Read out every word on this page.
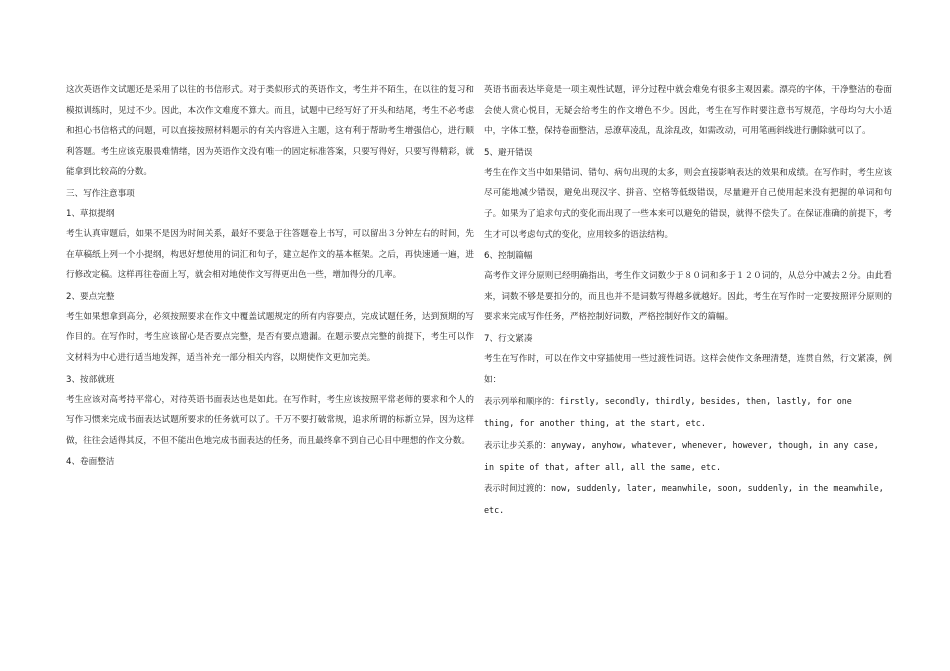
这次英语作文试题还是采用了以往的书信形式。对于类似形式的英语作文，考生并不陌生，在以往的复习和模拟训练时，见过不少。因此，本次作文难度不算大。而且，试题中已经写好了开头和结尾，考生不必考虑和担心书信格式的问题，可以直接按照材料题示的有关内容进入主题，这有利于帮助考生增强信心，进行顺利答题。考生应该克服畏难情绪，因为英语作文没有唯一的固定标准答案，只要写得好，只要写得精彩，就能拿到比较高的分数。

三、写作注意事项

1、草拟提纲

考生认真审题后，如果不是因为时间关系，最好不要急于往答题卷上书写，可以留出３分钟左右的时间，先在草稿纸上列一个小提纲，构思好想使用的词汇和句子，建立起作文的基本框架。之后，再快速通一遍，进行修改定稿。这样再往卷面上写，就会相对地使作文写得更出色一些，增加得分的几率。

2、要点完整

考生如果想拿到高分，必须按照要求在作文中覆盖试题规定的所有内容要点，完成试题任务，达到预期的写作目的。在写作时，考生应该留心是否要点完整，是否有要点遗漏。在题示要点完整的前提下，考生可以作文材料为中心进行适当地发挥，适当补充一部分相关内容，以期使作文更加完美。

3、按部就班

考生应该对高考持平常心，对待英语书面表达也是如此。在写作时，考生应该按照平常老师的要求和个人的写作习惯来完成书面表达试题所要求的任务就可以了。千万不要打破常规，追求所谓的标新立异，因为这样做，往往会适得其反，不但不能出色地完成书面表达的任务，而且最终拿不到自己心目中理想的作文分数。

4、卷面整洁

英语书面表达毕竟是一项主观性试题，评分过程中就会难免有很多主观因素。漂亮的字体，干净整洁的卷面会使人赏心悦目，无疑会给考生的作文增色不少。因此，考生在写作时要注意书写规范，字母均匀大小适中，字体工整，保持卷面整洁，忌潦草凌乱，乱涂乱改，如需改动，可用笔画斜线进行删除就可以了。

5、避开错误

考生在作文当中如果错词、错句、病句出现的太多，则会直接影响表达的效果和成绩。在写作时，考生应该尽可能地减少错误，避免出现汉字、拼音、空格等低级错误，尽量避开自己使用起来没有把握的单词和句子。如果为了追求句式的变化而出现了一些本来可以避免的错误，就得不偿失了。在保证准确的前提下，考生才可以考虑句式的变化，应用较多的语法结构。

6、控制篇幅

高考作文评分原则已经明确指出，考生作文词数少于８０词和多于１２０词的，从总分中减去２分。由此看来，词数不够是要扣分的，而且也并不是词数写得越多就越好。因此，考生在写作时一定要按照评分原则的要求来完成写作任务，严格控制好词数，严格控制好作文的篇幅。

7、行文紧凑

考生在写作时，可以在作文中穿插使用一些过渡性词语。这样会使作文条理清楚，连贯自然，行文紧凑，例如：

表示列举和顺序的：firstly, secondly, thirdly, besides, then, lastly, for one

thing, for another thing, at the start, etc.

表示让步关系的：anyway, anyhow, whatever, whenever, however, though, in any case,

in spite of that, after all, all the same, etc.

表示时间过渡的：now, suddenly, later, meanwhile, soon, suddenly, in the meanwhile,

etc.
